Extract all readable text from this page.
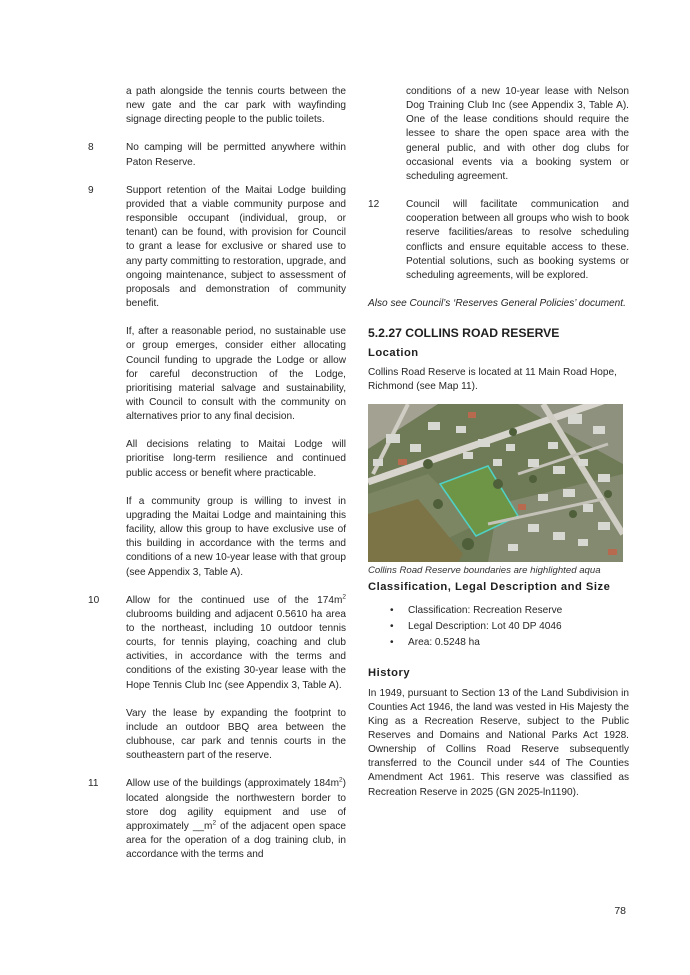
a path alongside the tennis courts between the new gate and the car park with wayfinding signage directing people to the public toilets.

8	No camping will be permitted anywhere within Paton Reserve.

9	Support retention of the Maitai Lodge building provided that a viable community purpose and responsible occupant (individual, group, or tenant) can be found, with provision for Council to grant a lease for exclusive or shared use to any party committing to restoration, upgrade, and ongoing maintenance, subject to assessment of proposals and demonstration of community benefit.

If, after a reasonable period, no sustainable use or group emerges, consider either allocating Council funding to upgrade the Lodge or allow for careful deconstruction of the Lodge, prioritising material salvage and sustainability, with Council to consult with the community on alternatives prior to any final decision.

All decisions relating to Maitai Lodge will prioritise long-term resilience and continued public access or benefit where practicable.

If a community group is willing to invest in upgrading the Maitai Lodge and maintaining this facility, allow this group to have exclusive use of this building in accordance with the terms and conditions of a new 10-year lease with that group (see Appendix 3, Table A).

10	Allow for the continued use of the $174m^2$ clubrooms building and adjacent 0.5610 ha area to the northeast, including 10 outdoor tennis courts, for tennis playing, coaching and club activities, in accordance with the terms and conditions of the existing 30-year lease with the Hope Tennis Club Inc (see Appendix 3, Table A).

Vary the lease by expanding the footprint to include an outdoor BBQ area between the clubhouse, car park and tennis courts in the southeastern part of the reserve.

11	Allow use of the buildings (approximately $184m^2$) located alongside the northwestern border to store dog agility equipment and use of approximately $\_\_m^2$ of the adjacent open space area for the operation of a dog training club, in accordance with the terms and

conditions of a new 10-year lease with Nelson Dog Training Club Inc (see Appendix 3, Table A). One of the lease conditions should require the lessee to share the open space area with the general public, and with other dog clubs for occasional events via a booking system or scheduling agreement.

12	Council will facilitate communication and cooperation between all groups who wish to book reserve facilities/areas to resolve scheduling conflicts and ensure equitable access to these. Potential solutions, such as booking systems or scheduling agreements, will be explored.

Also see Council’s ‘Reserves General Policies’ document.

5.2.27 COLLINS ROAD RESERVE
Location

Collins Road Reserve is located at 11 Main Road Hope, Richmond (see Map 11).

Collins Road Reserve boundaries are highlighted aqua

Classification, Legal Description and Size
• Classification: Recreation Reserve
• Legal Description: Lot 40 DP 4046
• Area: 0.5248 ha
History

In 1949, pursuant to Section 13 of the Land Subdivision in Counties Act 1946, the land was vested in His Majesty the King as a Recreation Reserve, subject to the Public Reserves and Domains and National Parks Act 1928. Ownership of Collins Road Reserve subsequently transferred to the Council under s44 of The Counties Amendment Act 1961. This reserve was classified as Recreation Reserve in 2025 (GN 2025-ln1190).

78
